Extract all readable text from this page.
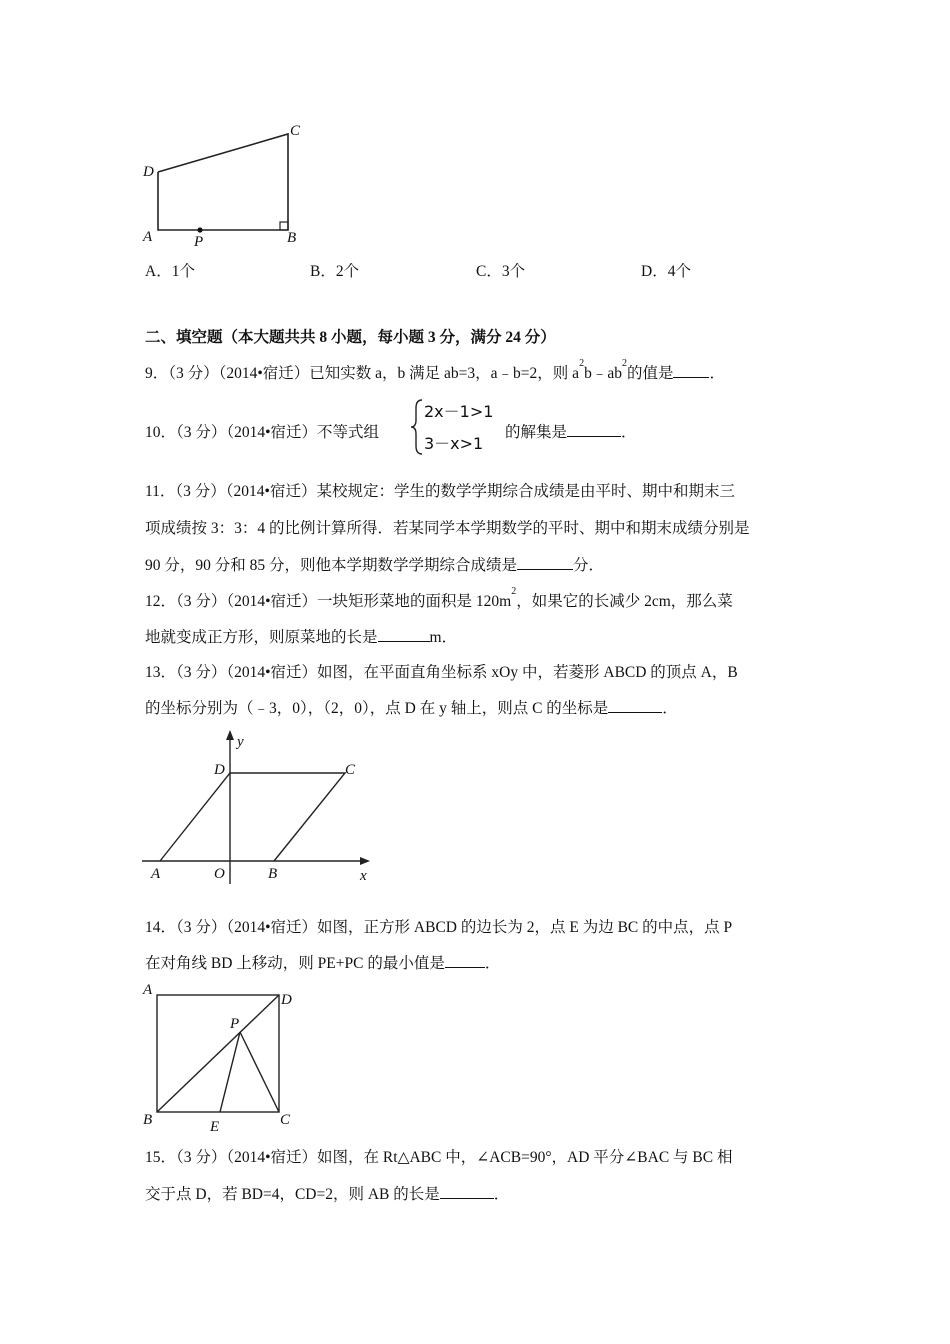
C
D
A	P	B
A．1个	B．2个	C．3个	D．4个
二、填空题（本大题共共 8 小题，每小题 3 分，满分 24 分）
9．（3 分）（2014•宿迁）已知实数 a，b 满足 ab=3，a﹣b=2，则 $a^2b﹣ab^2$的值是 ．
10．（3 分）（2014•宿迁）不等式组
2x－1>1
3－x>1
的解集是	．
11．（3 分）（2014•宿迁）某校规定：学生的数学学期综合成绩是由平时、期中和期末三
项成绩按 3：3：4 的比例计算所得．若某同学本学期数学的平时、期中和期末成绩分别是
90 分，90 分和 85 分，则他本学期数学学期综合成绩是	分．
12．（3 分）（2014•宿迁）一块矩形菜地的面积是 $120m^2$，如果它的长减少 2cm，那么菜
地就变成正方形，则原菜地的长是	m．
13．（3 分）（2014•宿迁）如图，在平面直角坐标系 xOy 中，若菱形 ABCD 的顶点 A，B
的坐标分别为（﹣3，0），（2，0），点 D 在 y 轴上，则点 C 的坐标是	．
y
D	C
A	O	B	x
14．（3 分）（2014•宿迁）如图，正方形 ABCD 的边长为 2，点 E 为边 BC 的中点，点 P
在对角线 BD 上移动，则 PE+PC 的最小值是	．
A
D
P
B	E	C
15．（3 分）（2014•宿迁）如图，在 Rt△ABC 中，∠ACB=90°，AD 平分∠BAC 与 BC 相
交于点 D，若 BD=4，CD=2，则 AB 的长是	．
